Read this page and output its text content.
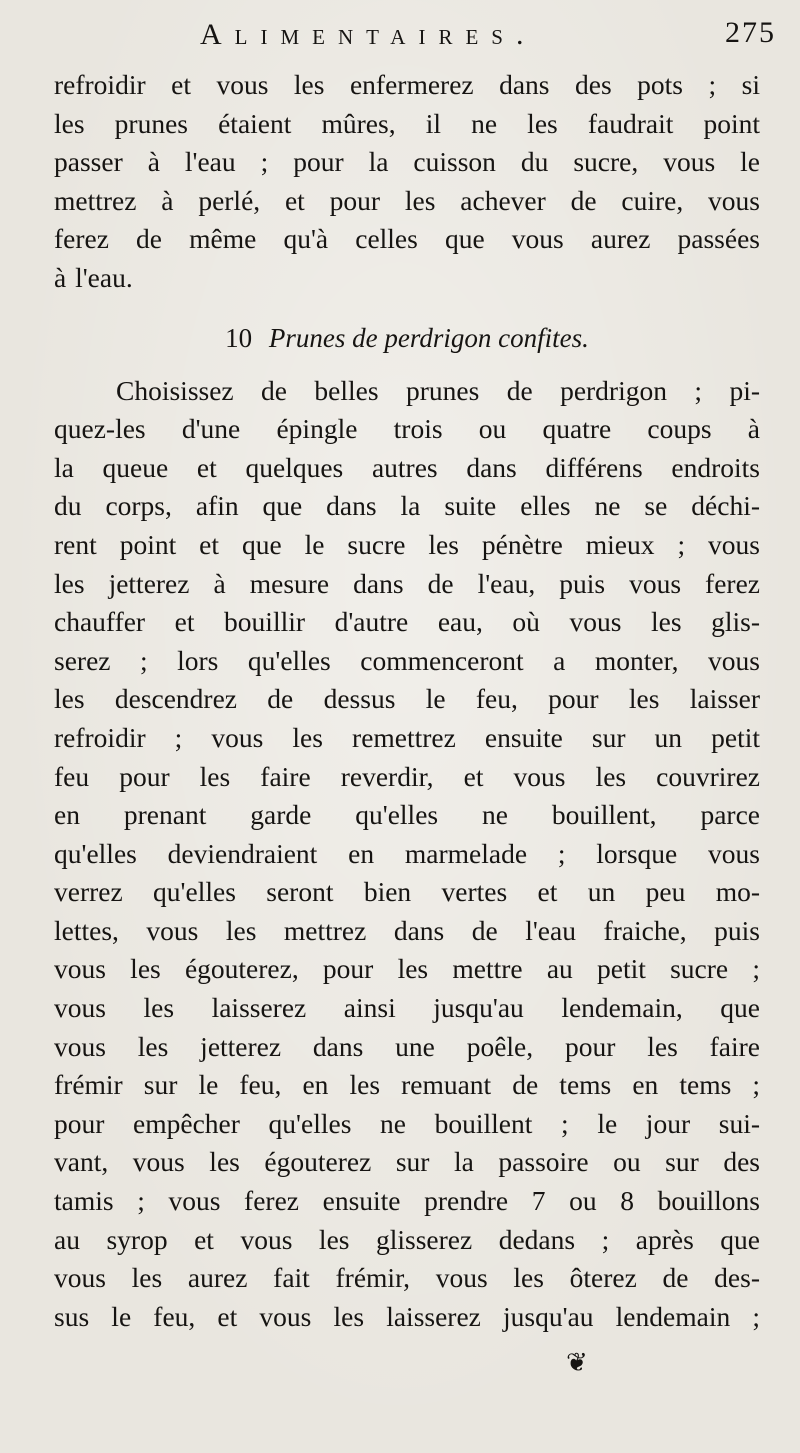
Alimentaires.	275
refroidir et vous les enfermerez dans des pots ; si
les prunes étaient mûres, il ne les faudrait point
passer à l'eau ; pour la cuisson du sucre, vous le
mettrez à perlé, et pour les achever de cuire, vous
ferez de même qu'à celles que vous aurez passées
à l'eau.
10 Prunes de perdrigon confites.
Choisissez de belles prunes de perdrigon ; pi-
quez-les d'une épingle trois ou quatre coups à
la queue et quelques autres dans différens endroits
du corps, afin que dans la suite elles ne se déchi-
rent point et que le sucre les pénètre mieux ; vous
les jetterez à mesure dans de l'eau, puis vous ferez
chauffer et bouillir d'autre eau, où vous les glis-
serez ; lors qu'elles commenceront a monter, vous
les descendrez de dessus le feu, pour les laisser
refroidir ; vous les remettrez ensuite sur un petit
feu pour les faire reverdir, et vous les couvrirez
en prenant garde qu'elles ne bouillent, parce
qu'elles deviendraient en marmelade ; lorsque vous
verrez qu'elles seront bien vertes et un peu mo-
lettes, vous les mettrez dans de l'eau fraiche, puis
vous les égouterez, pour les mettre au petit sucre ;
vous les laisserez ainsi jusqu'au lendemain, que
vous les jetterez dans une poêle, pour les faire
frémir sur le feu, en les remuant de tems en tems ;
pour empêcher qu'elles ne bouillent ; le jour sui-
vant, vous les égouterez sur la passoire ou sur des
tamis ; vous ferez ensuite prendre 7 ou 8 bouillons
au syrop et vous les glisserez dedans ; après que
vous les aurez fait frémir, vous les ôterez de des-
sus le feu, et vous les laisserez jusqu'au lendemain ;
❦
